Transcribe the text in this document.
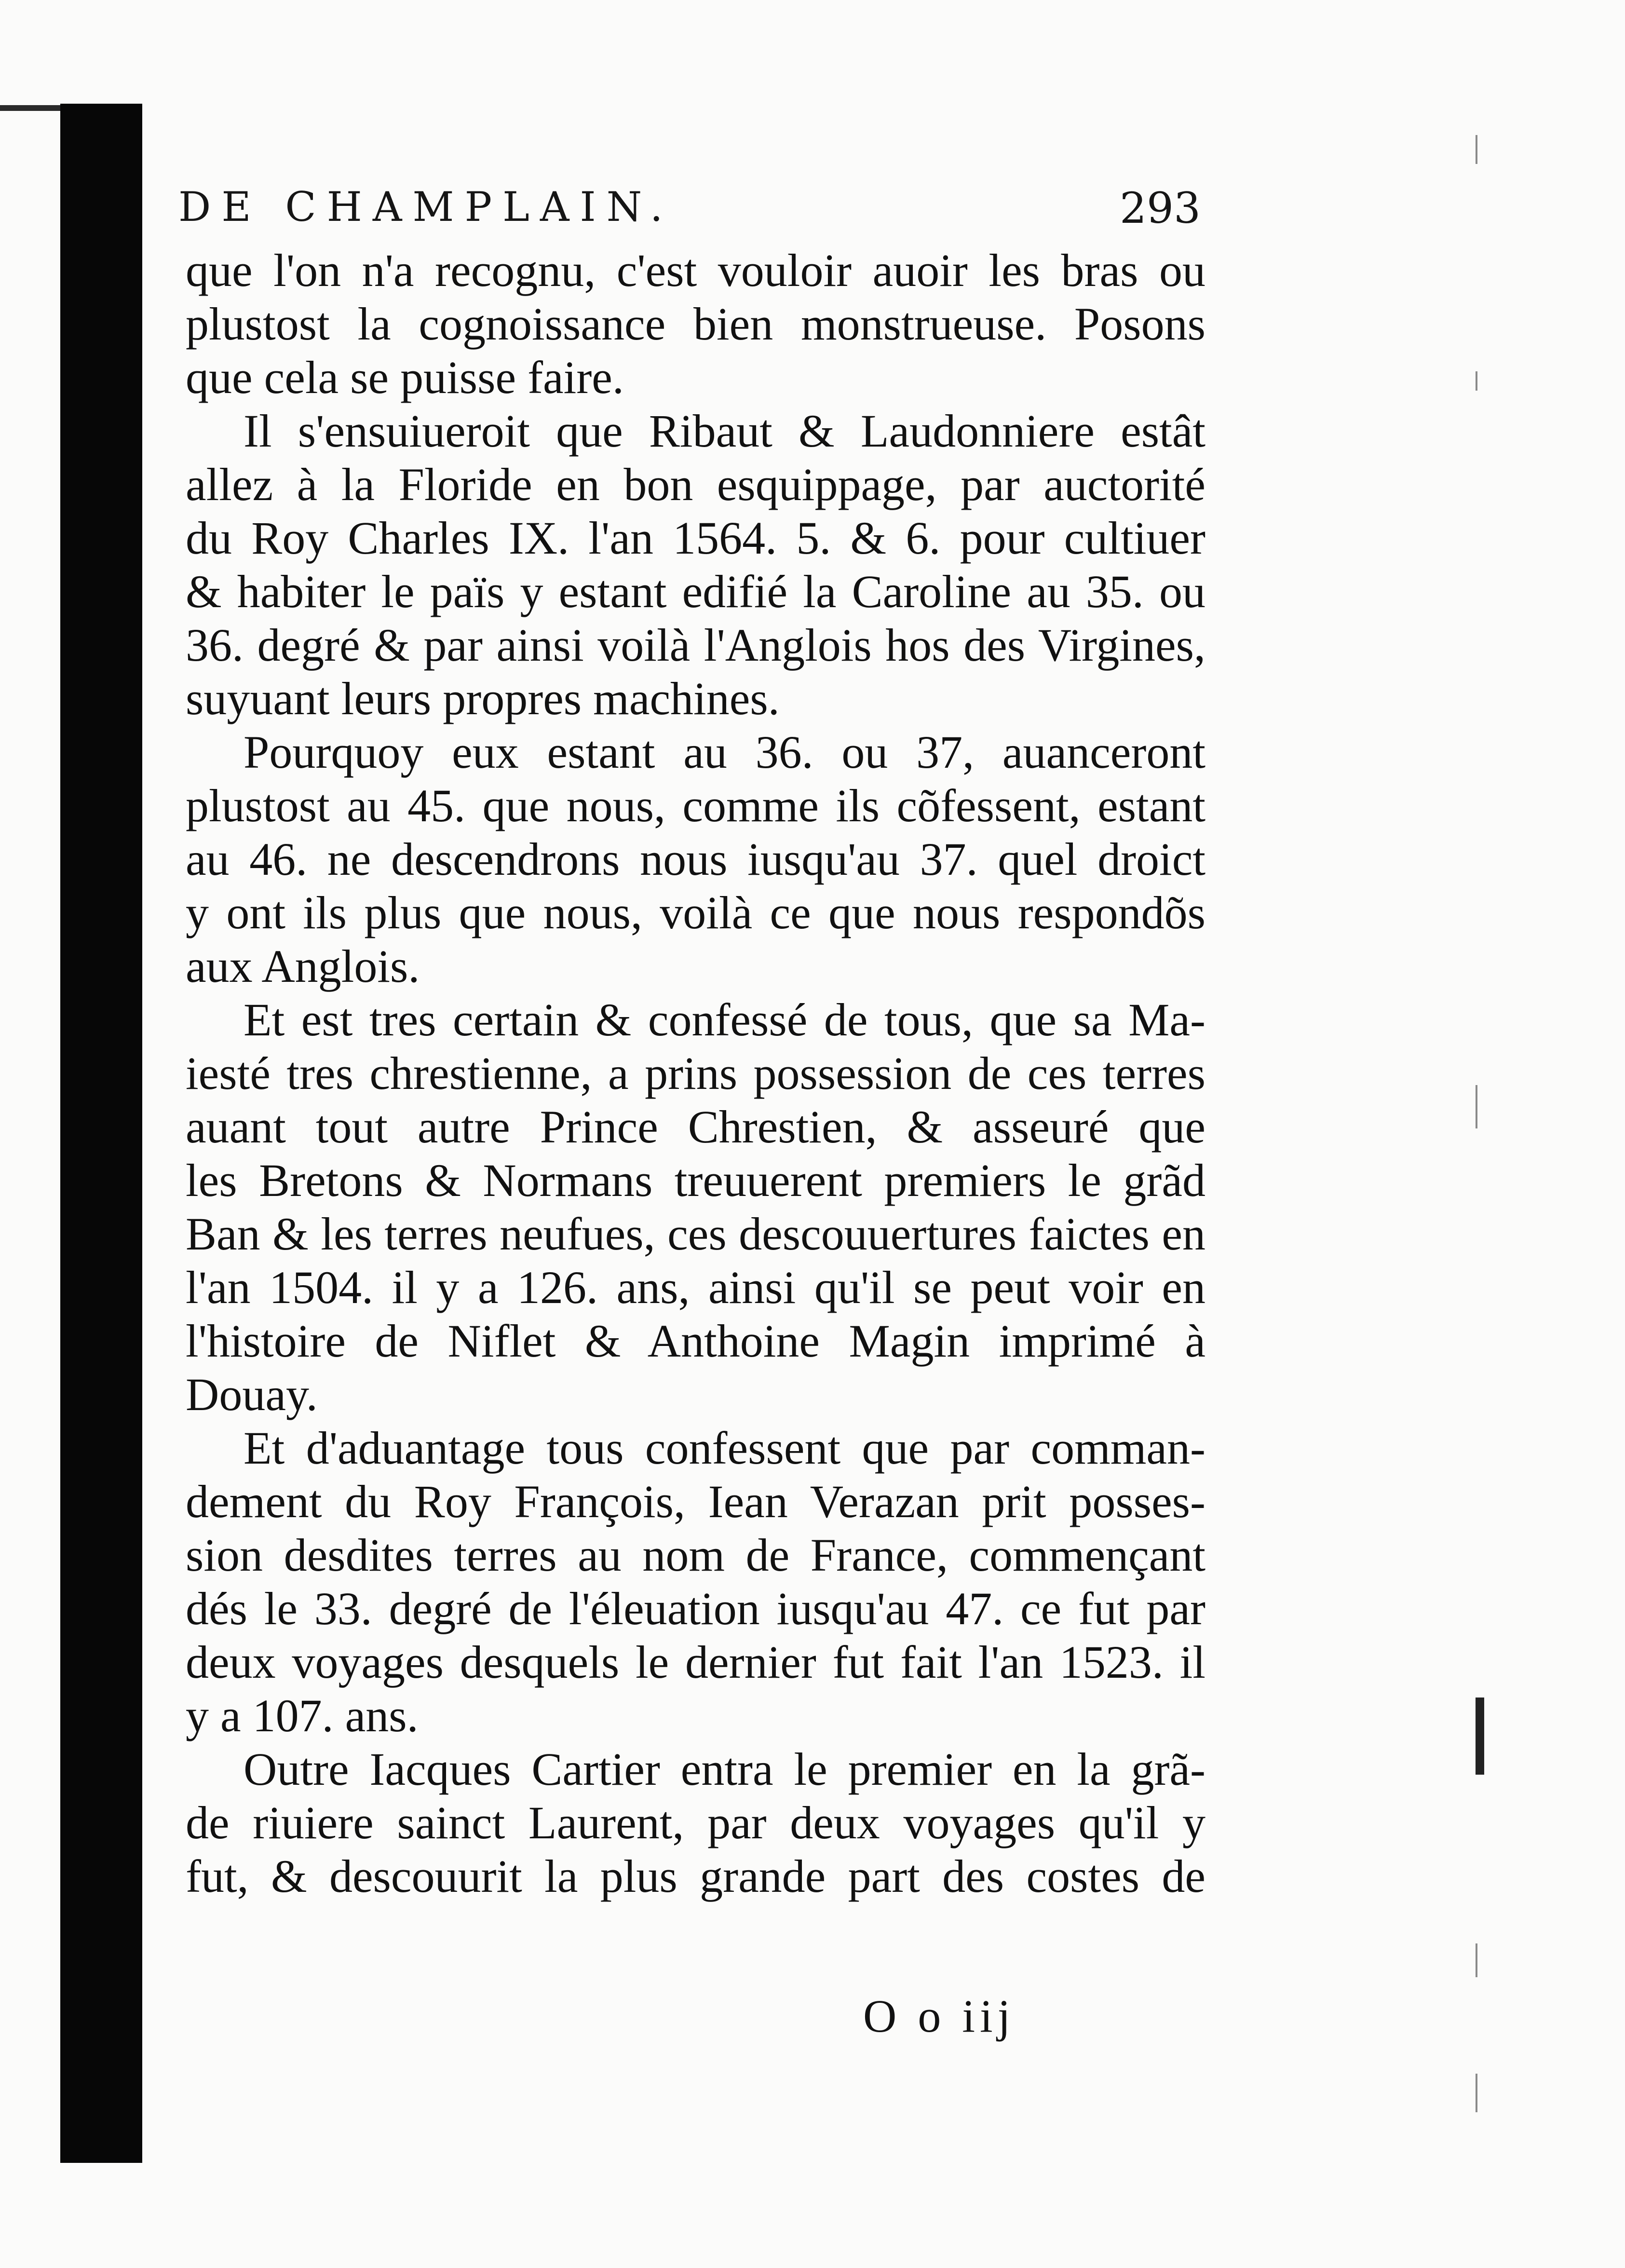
DE CHAMPLAIN.	293
que l'on n'a recognu, c'est vouloir auoir les bras ou
plustost la cognoissance bien monstrueuse. Posons
que cela se puisse faire.
Il s'ensuiueroit que Ribaut & Laudonniere estât
allez à la Floride en bon esquippage, par auctorité
du Roy Charles IX. l'an 1564. 5. & 6. pour cultiuer
& habiter le païs y estant edifié la Caroline au 35. ou
36. degré & par ainsi voilà l'Anglois hos des Virgines,
suyuant leurs propres machines.
Pourquoy eux estant au 36. ou 37, auanceront
plustost au 45. que nous, comme ils cõfessent, estant
au 46. ne descendrons nous iusqu'au 37. quel droict
y ont ils plus que nous, voilà ce que nous respondõs
aux Anglois.
Et est tres certain & confessé de tous, que sa Ma-
iesté tres chrestienne, a prins possession de ces terres
auant tout autre Prince Chrestien, & asseuré que
les Bretons & Normans treuuerent premiers le grãd
Ban & les terres neufues, ces descouuertures faictes en
l'an 1504. il y a 126. ans, ainsi qu'il se peut voir en
l'histoire de Niflet & Anthoine Magin imprimé à
Douay.
Et d'aduantage tous confessent que par comman-
dement du Roy François, Iean Verazan prit posses-
sion desdites terres au nom de France, commençant
dés le 33. degré de l'éleuation iusqu'au 47. ce fut par
deux voyages desquels le dernier fut fait l'an 1523. il
y a 107. ans.
Outre Iacques Cartier entra le premier en la grã-
de riuiere sainct Laurent, par deux voyages qu'il y
fut, & descouurit la plus grande part des costes de
O o iij
